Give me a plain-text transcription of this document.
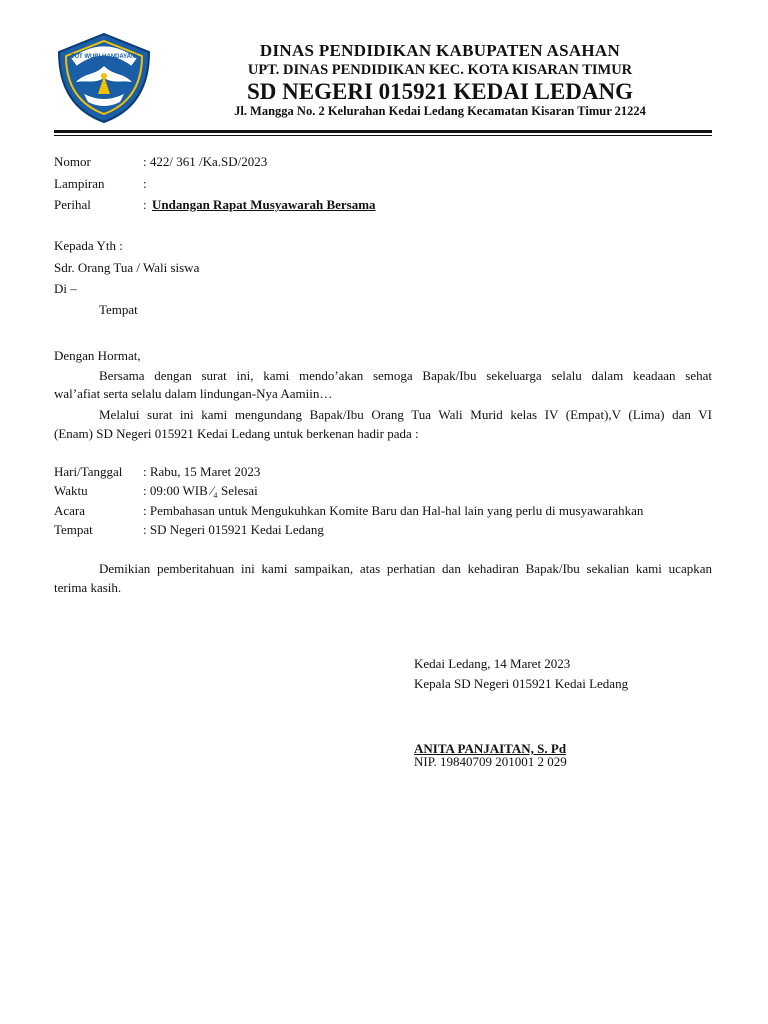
TUT WURI HANDAYANI	DINAS PENDIDIKAN KABUPATEN ASAHAN
UPT. DINAS PENDIDIKAN KEC. KOTA KISARAN TIMUR
SD NEGERI 015921 KEDAI LEDANG
Jl. Mangga No. 2 Kelurahan Kedai Ledang Kecamatan Kisaran Timur 21224
Nomor	: 422/ 361 /Ka.SD/2023
Lampiran	:
Perihal	: Undangan Rapat Musyawarah Bersama
Kepada Yth :
Sdr. Orang Tua / Wali siswa
Di –
Tempat
Dengan Hormat,
Bersama dengan surat ini, kami mendo’akan semoga Bapak/Ibu sekeluarga selalu dalam keadaan sehat
wal’afiat serta selalu dalam lindungan-Nya Aamiin…
Melalui surat ini kami mengundang Bapak/Ibu Orang Tua Wali Murid kelas IV (Empat),V (Lima) dan VI
(Enam) SD Negeri 015921 Kedai Ledang untuk berkenan hadir pada :
Hari/Tanggal : Rabu, 15 Maret 2023
Waktu	: 09:00 WIB ⁄₄ Selesai
Acara	: Pembahasan untuk Mengukuhkan Komite Baru dan Hal-hal lain yang perlu di musyawarahkan
Tempat	: SD Negeri 015921 Kedai Ledang
Demikian pemberitahuan ini kami sampaikan, atas perhatian dan kehadiran Bapak/Ibu sekalian kami ucapkan
terima kasih.
Kedai Ledang, 14 Maret 2023
Kepala SD Negeri 015921 Kedai Ledang
ANITA PANJAITAN, S. Pd
NIP. 19840709 201001 2 029
